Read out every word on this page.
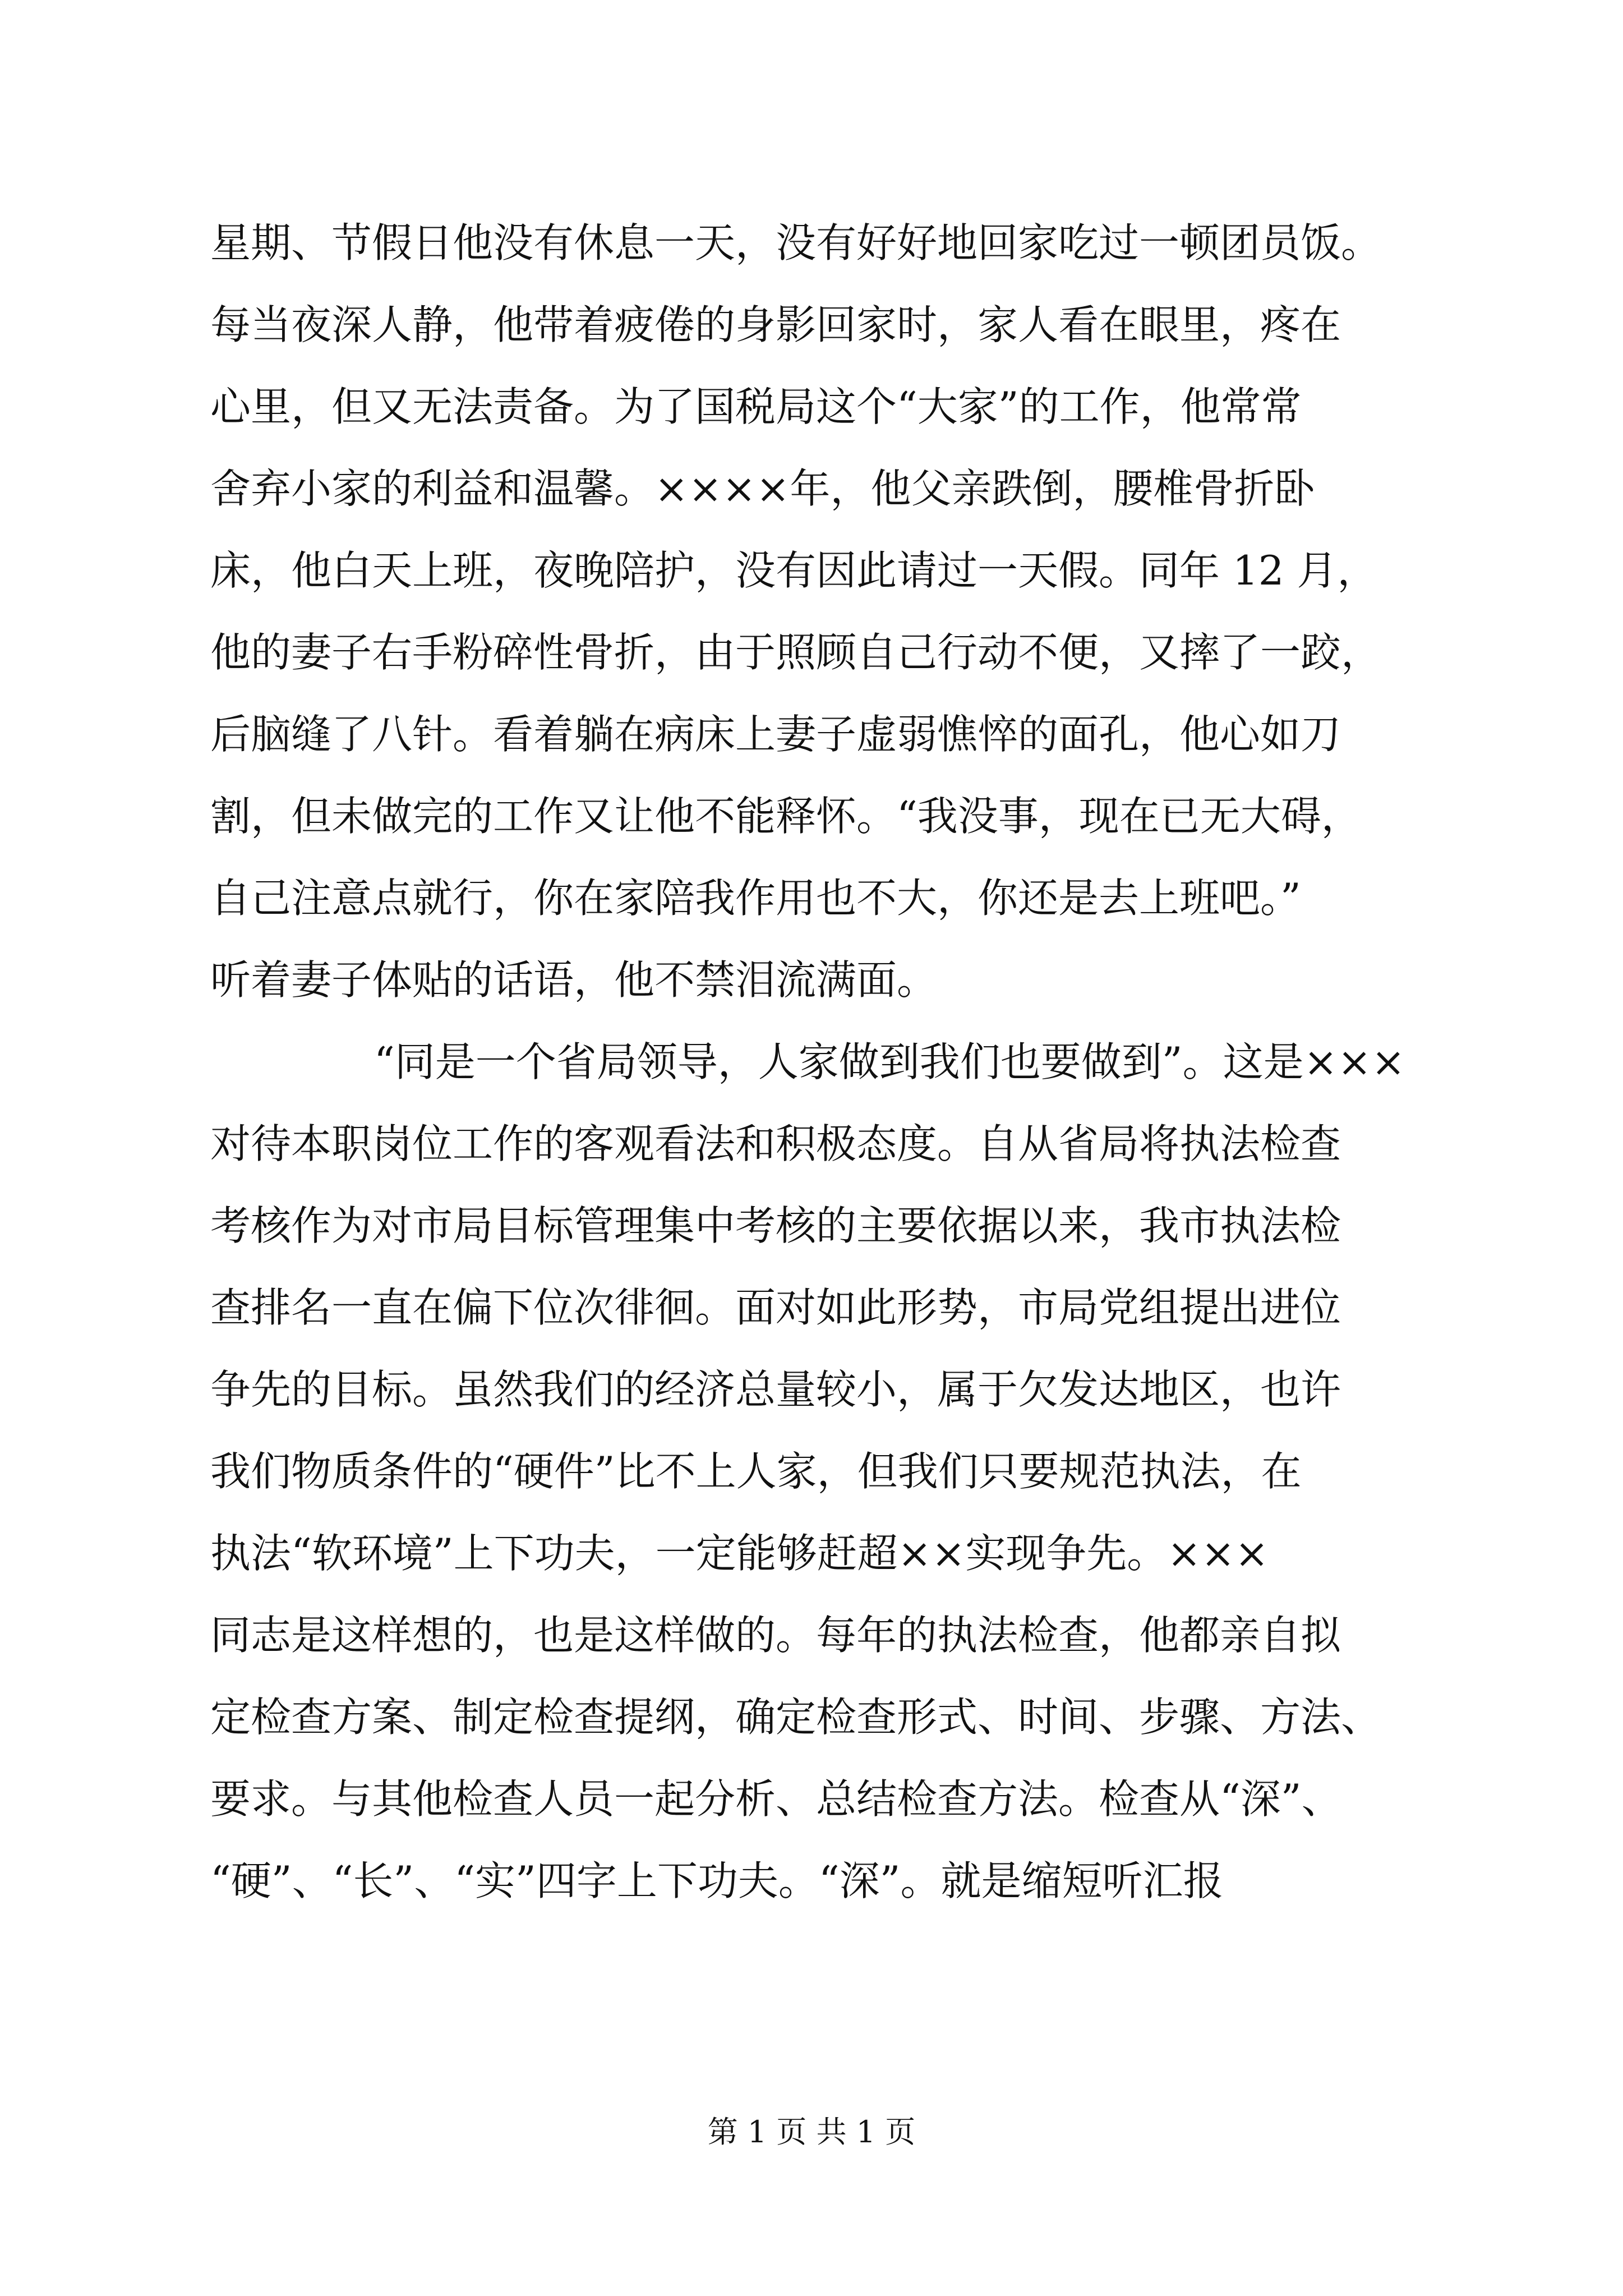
星期、节假日他没有休息一天，没有好好地回家吃过一顿团员饭。
每当夜深人静，他带着疲倦的身影回家时，家人看在眼里，疼在
心里，但又无法责备。为了国税局这个“大家”的工作，他常常
舍弃小家的利益和温馨。××××年，他父亲跌倒，腰椎骨折卧
床，他白天上班，夜晚陪护，没有因此请过一天假。同年 12 月，
他的妻子右手粉碎性骨折，由于照顾自己行动不便，又摔了一跤，
后脑缝了八针。看着躺在病床上妻子虚弱憔悴的面孔，他心如刀
割，但未做完的工作又让他不能释怀。“我没事，现在已无大碍，
自己注意点就行，你在家陪我作用也不大，你还是去上班吧。”
听着妻子体贴的话语，他不禁泪流满面。
“同是一个省局领导，人家做到我们也要做到”。这是×××
对待本职岗位工作的客观看法和积极态度。自从省局将执法检查
考核作为对市局目标管理集中考核的主要依据以来，我市执法检
查排名一直在偏下位次徘徊。面对如此形势，市局党组提出进位
争先的目标。虽然我们的经济总量较小，属于欠发达地区，也许
我们物质条件的“硬件”比不上人家，但我们只要规范执法，在
执法“软环境”上下功夫，一定能够赶超××实现争先。×××
同志是这样想的，也是这样做的。每年的执法检查，他都亲自拟
定检查方案、制定检查提纲，确定检查形式、时间、步骤、方法、
要求。与其他检查人员一起分析、总结检查方法。检查从“深”、
“硬”、“长”、“实”四字上下功夫。“深”。就是缩短听汇报
第 1 页 共 1 页
